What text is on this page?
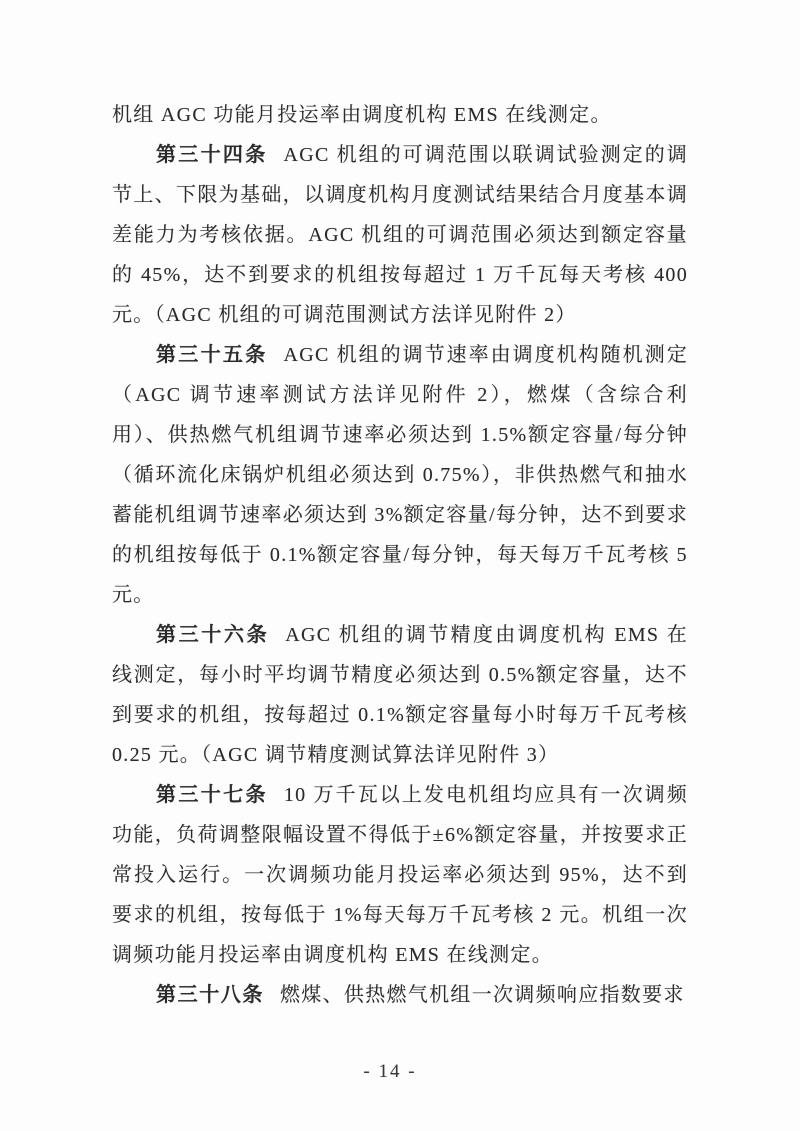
机组 AGC 功能月投运率由调度机构 EMS 在线测定。

第三十四条 AGC 机组的可调范围以联调试验测定的调节上、下限为基础，以调度机构月度测试结果结合月度基本调差能力为考核依据。AGC 机组的可调范围必须达到额定容量的 45%，达不到要求的机组按每超过 1 万千瓦每天考核 400 元。（AGC 机组的可调范围测试方法详见附件 2）

第三十五条 AGC 机组的调节速率由调度机构随机测定（AGC 调节速率测试方法详见附件 2），燃煤（含综合利用）、供热燃气机组调节速率必须达到 1.5%额定容量/每分钟（循环流化床锅炉机组必须达到 0.75%），非供热燃气和抽水蓄能机组调节速率必须达到 3%额定容量/每分钟，达不到要求的机组按每低于 0.1%额定容量/每分钟，每天每万千瓦考核 5 元。

第三十六条 AGC 机组的调节精度由调度机构 EMS 在线测定，每小时平均调节精度必须达到 0.5%额定容量，达不到要求的机组，按每超过 0.1%额定容量每小时每万千瓦考核 0.25 元。（AGC 调节精度测试算法详见附件 3）

第三十七条 10 万千瓦以上发电机组均应具有一次调频功能，负荷调整限幅设置不得低于±6%额定容量，并按要求正常投入运行。一次调频功能月投运率必须达到 95%，达不到要求的机组，按每低于 1%每天每万千瓦考核 2 元。机组一次调频功能月投运率由调度机构 EMS 在线测定。

第三十八条 燃煤、供热燃气机组一次调频响应指数要求

- 14 -
